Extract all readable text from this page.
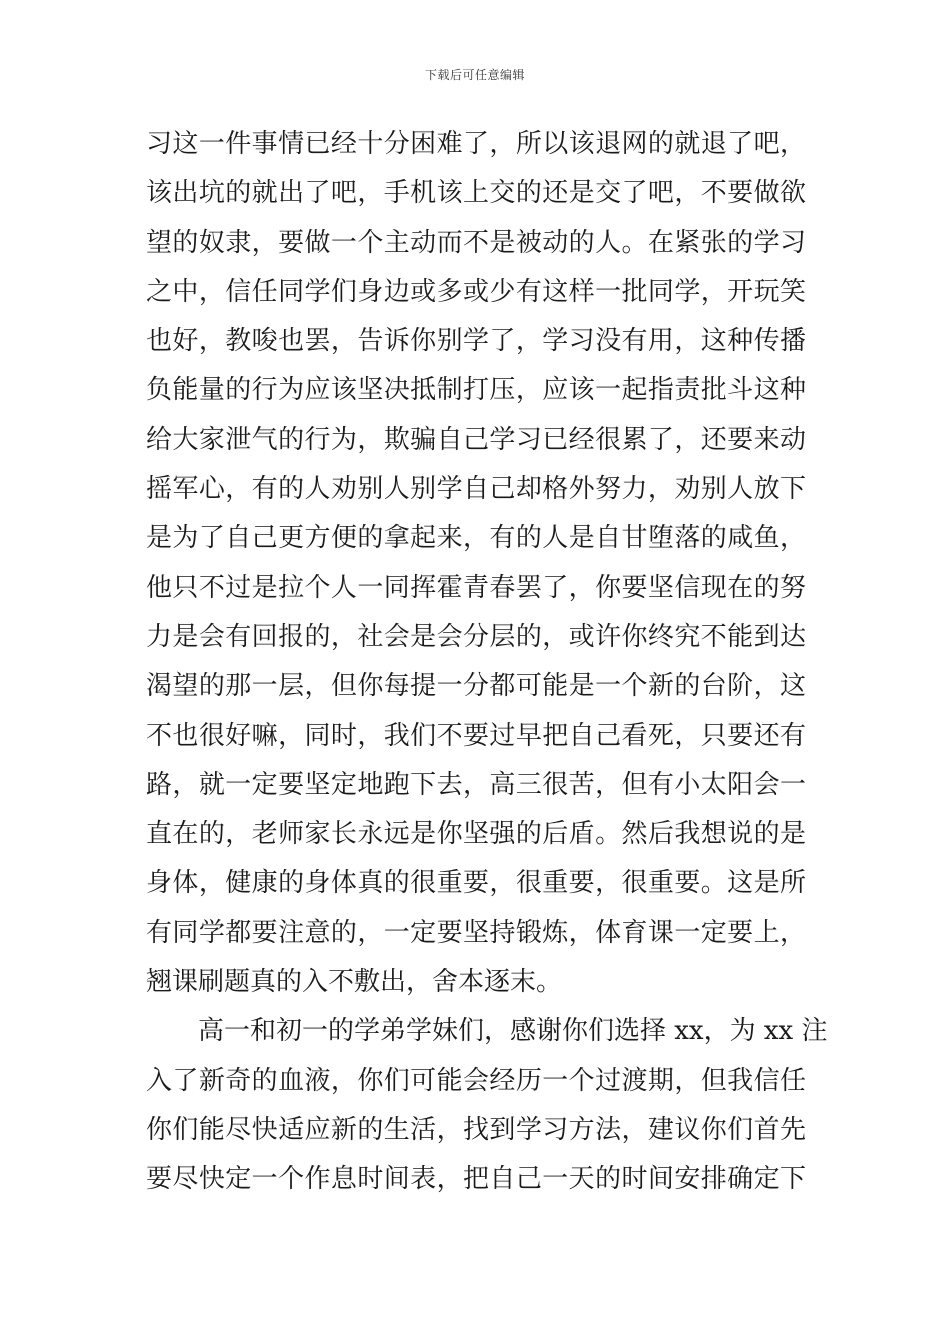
下载后可任意编辑
习这一件事情已经十分困难了，所以该退网的就退了吧，
该出坑的就出了吧，手机该上交的还是交了吧，不要做欲
望的奴隶，要做一个主动而不是被动的人。在紧张的学习
之中，信任同学们身边或多或少有这样一批同学，开玩笑
也好，教唆也罢，告诉你别学了，学习没有用，这种传播
负能量的行为应该坚决抵制打压，应该一起指责批斗这种
给大家泄气的行为，欺骗自己学习已经很累了，还要来动
摇军心，有的人劝别人别学自己却格外努力，劝别人放下
是为了自己更方便的拿起来，有的人是自甘堕落的咸鱼，
他只不过是拉个人一同挥霍青春罢了，你要坚信现在的努
力是会有回报的，社会是会分层的，或许你终究不能到达
渴望的那一层，但你每提一分都可能是一个新的台阶，这
不也很好嘛，同时，我们不要过早把自己看死，只要还有
路，就一定要坚定地跑下去，高三很苦，但有小太阳会一
直在的，老师家长永远是你坚强的后盾。然后我想说的是
身体，健康的身体真的很重要，很重要，很重要。这是所
有同学都要注意的，一定要坚持锻炼，体育课一定要上，
翘课刷题真的入不敷出，舍本逐末。
高一和初一的学弟学妹们，感谢你们选择 xx，为 xx 注
入了新奇的血液，你们可能会经历一个过渡期，但我信任
你们能尽快适应新的生活，找到学习方法，建议你们首先
要尽快定一个作息时间表，把自己一天的时间安排确定下
